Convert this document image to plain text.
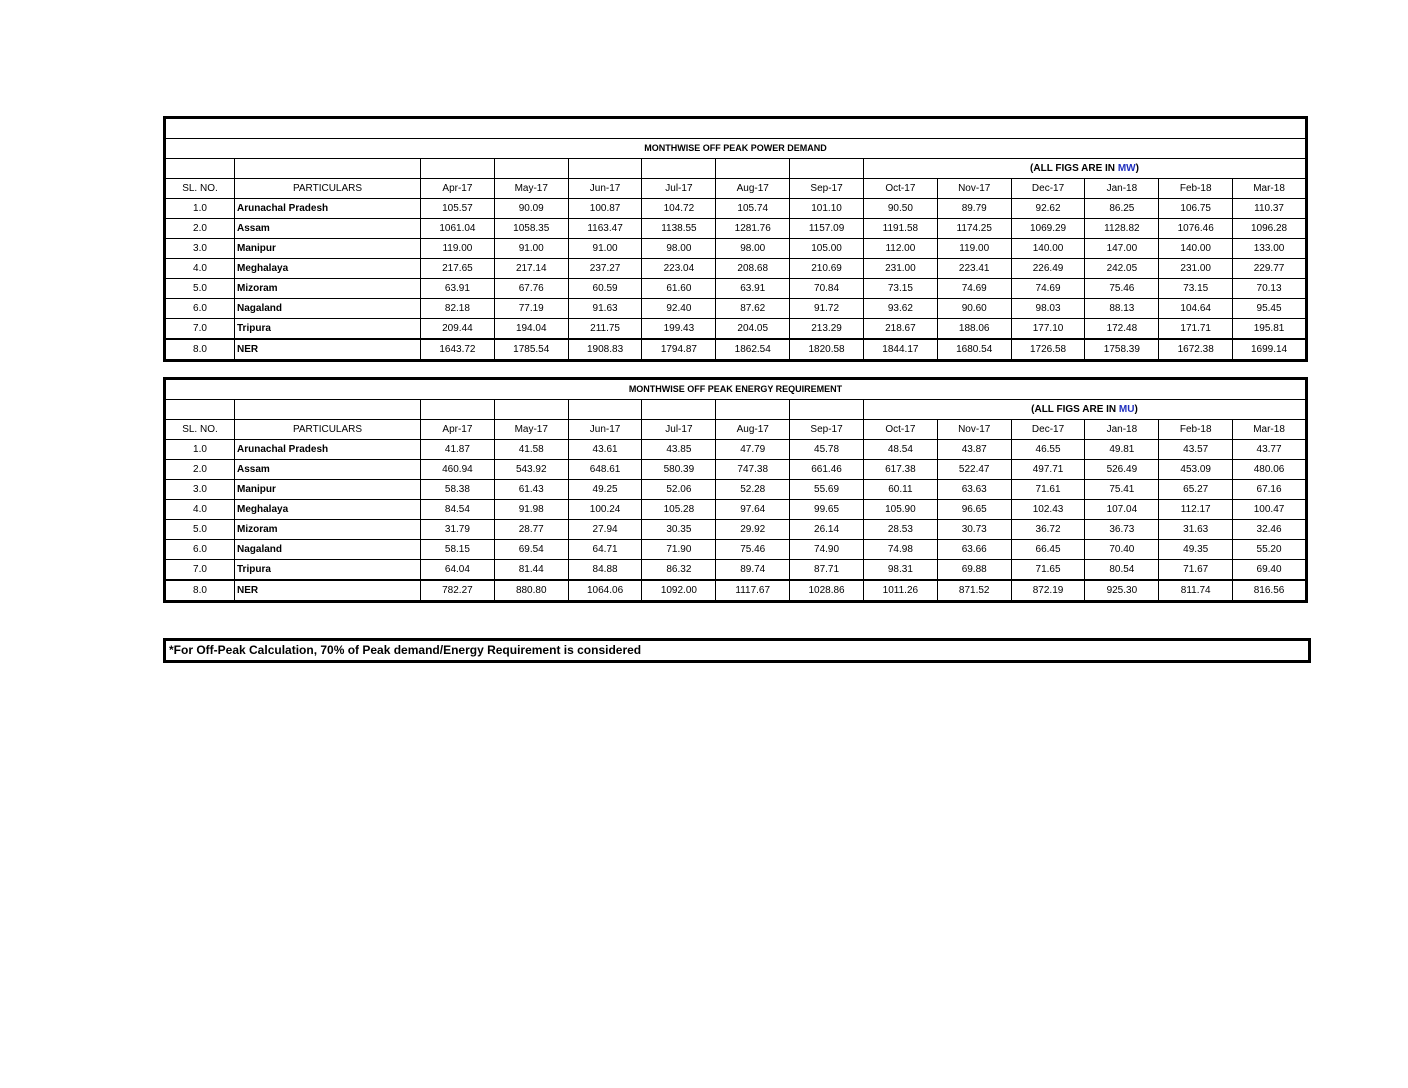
MONTHWISE OFF PEAK POWER DEMAND													
								(ALL FIGS ARE IN MW)					
SL. NO.	PARTICULARS	Apr-17	May-17	Jun-17	Jul-17	Aug-17	Sep-17	Oct-17	Nov-17	Dec-17	Jan-18	Feb-18	Mar-18
1.0	Arunachal Pradesh	105.57	90.09	100.87	104.72	105.74	101.10	90.50	89.79	92.62	86.25	106.75	110.37
2.0	Assam	1061.04	1058.35	1163.47	1138.55	1281.76	1157.09	1191.58	1174.25	1069.29	1128.82	1076.46	1096.28
3.0	Manipur	119.00	91.00	91.00	98.00	98.00	105.00	112.00	119.00	140.00	147.00	140.00	133.00
4.0	Meghalaya	217.65	217.14	237.27	223.04	208.68	210.69	231.00	223.41	226.49	242.05	231.00	229.77
5.0	Mizoram	63.91	67.76	60.59	61.60	63.91	70.84	73.15	74.69	74.69	75.46	73.15	70.13
6.0	Nagaland	82.18	77.19	91.63	92.40	87.62	91.72	93.62	90.60	98.03	88.13	104.64	95.45
7.0	Tripura	209.44	194.04	211.75	199.43	204.05	213.29	218.67	188.06	177.10	172.48	171.71	195.81
8.0	NER	1643.72	1785.54	1908.83	1794.87	1862.54	1820.58	1844.17	1680.54	1726.58	1758.39	1672.38	1699.14
MONTHWISE OFF PEAK ENERGY REQUIREMENT													
								(ALL FIGS ARE IN MU)					
SL. NO.	PARTICULARS	Apr-17	May-17	Jun-17	Jul-17	Aug-17	Sep-17	Oct-17	Nov-17	Dec-17	Jan-18	Feb-18	Mar-18
1.0	Arunachal Pradesh	41.87	41.58	43.61	43.85	47.79	45.78	48.54	43.87	46.55	49.81	43.57	43.77
2.0	Assam	460.94	543.92	648.61	580.39	747.38	661.46	617.38	522.47	497.71	526.49	453.09	480.06
3.0	Manipur	58.38	61.43	49.25	52.06	52.28	55.69	60.11	63.63	71.61	75.41	65.27	67.16
4.0	Meghalaya	84.54	91.98	100.24	105.28	97.64	99.65	105.90	96.65	102.43	107.04	112.17	100.47
5.0	Mizoram	31.79	28.77	27.94	30.35	29.92	26.14	28.53	30.73	36.72	36.73	31.63	32.46
6.0	Nagaland	58.15	69.54	64.71	71.90	75.46	74.90	74.98	63.66	66.45	70.40	49.35	55.20
7.0	Tripura	64.04	81.44	84.88	86.32	89.74	87.71	98.31	69.88	71.65	80.54	71.67	69.40
8.0	NER	782.27	880.80	1064.06	1092.00	1117.67	1028.86	1011.26	871.52	872.19	925.30	811.74	816.56
*For Off-Peak Calculation, 70% of Peak demand/Energy Requirement is considered
